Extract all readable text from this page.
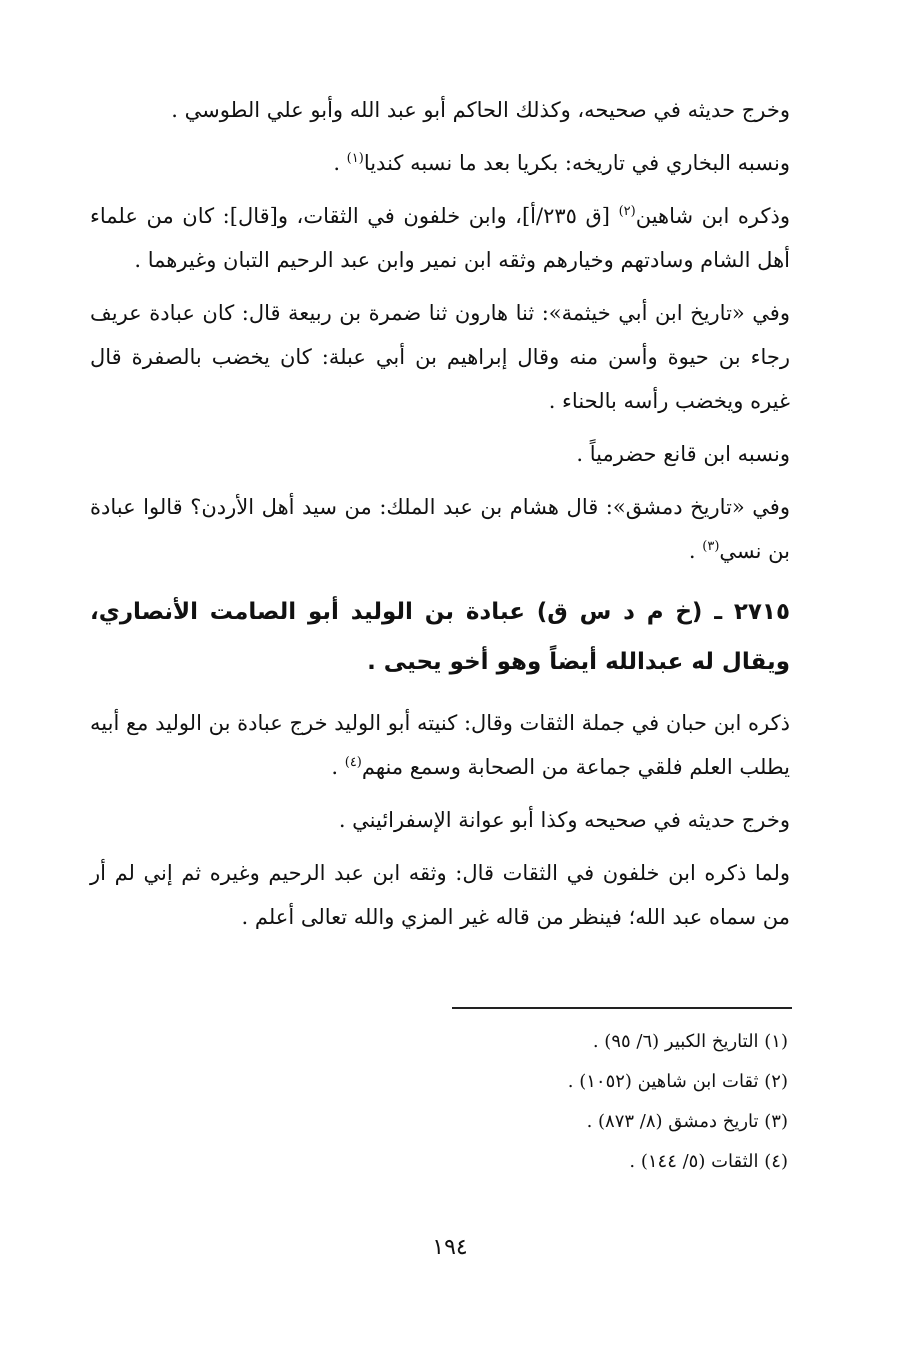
وخرج حديثه في صحيحه، وكذلك الحاكم أبو عبد الله وأبو علي الطوسي .

ونسبه البخاري في تاريخه: بكريا بعد ما نسبه كنديا$^{(١)}$ .

وذكره ابن شاهين$^{(٢)}$ [ق ٢٣٥/أ]، وابن خلفون في الثقات، و[قال]: كان من علماء أهل الشام وسادتهم وخيارهم وثقه ابن نمير وابن عبد الرحيم التبان وغيرهما .

وفي «تاريخ ابن أبي خيثمة»: ثنا هارون ثنا ضمرة بن ربيعة قال: كان عبادة عريف رجاء بن حيوة وأسن منه وقال إبراهيم بن أبي عبلة: كان يخضب بالصفرة قال غيره ويخضب رأسه بالحناء .

ونسبه ابن قانع حضرمياً .

وفي «تاريخ دمشق»: قال هشام بن عبد الملك: من سيد أهل الأردن؟ قالوا عبادة بن نسي$^{(٣)}$ .

٢٧١٥ ـ (خ م د س ق) عبادة بن الوليد أبو الصامت الأنصاري، ويقال له عبدالله أيضاً وهو أخو يحيى .

ذكره ابن حبان في جملة الثقات وقال: كنيته أبو الوليد خرج عبادة بن الوليد مع أبيه يطلب العلم فلقي جماعة من الصحابة وسمع منهم$^{(٤)}$ .

وخرج حديثه في صحيحه وكذا أبو عوانة الإسفرائيني .

ولما ذكره ابن خلفون في الثقات قال: وثقه ابن عبد الرحيم وغيره ثم إني لم أر من سماه عبد الله؛ فينظر من قاله غير المزي والله تعالى أعلم .

(١) التاريخ الكبير (٦/ ٩٥) .
(٢) ثقات ابن شاهين (١٠٥٢) .
(٣) تاريخ دمشق (٨/ ٨٧٣) .
(٤) الثقات (٥/ ١٤٤) .
١٩٤
